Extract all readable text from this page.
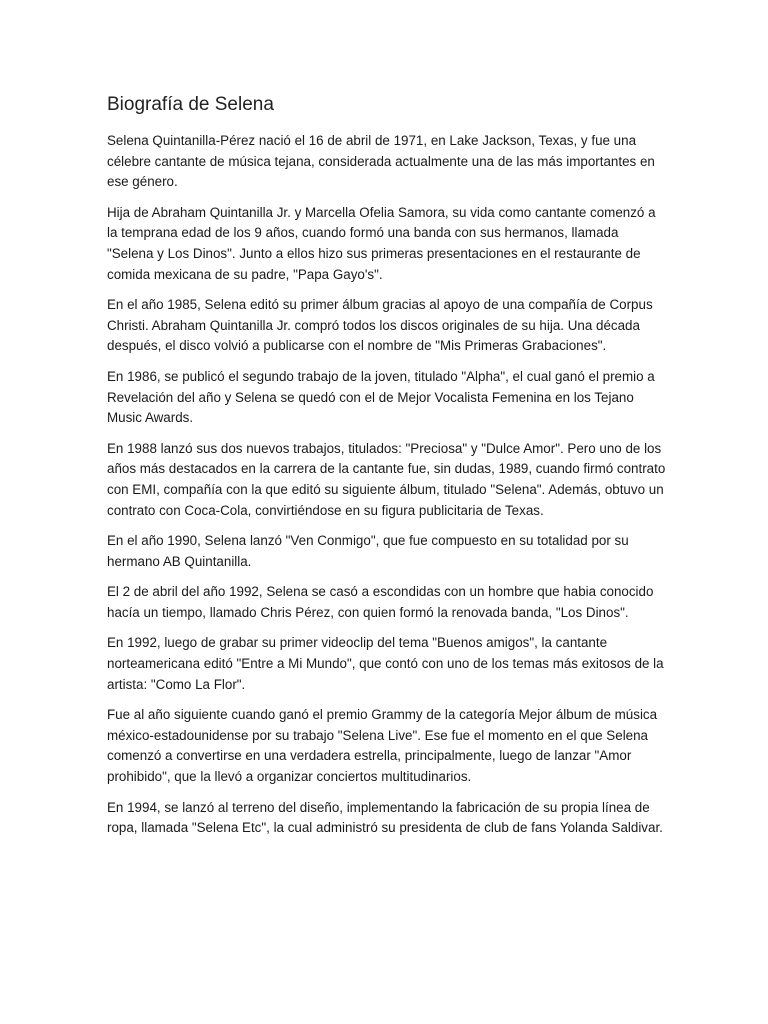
Biografía de Selena

Selena Quintanilla-Pérez nació el 16 de abril de 1971, en Lake Jackson, Texas, y fue una célebre cantante de música tejana, considerada actualmente una de las más importantes en ese género.

Hija de Abraham Quintanilla Jr. y Marcella Ofelia Samora, su vida como cantante comenzó a la temprana edad de los 9 años, cuando formó una banda con sus hermanos, llamada "Selena y Los Dinos". Junto a ellos hizo sus primeras presentaciones en el restaurante de comida mexicana de su padre, "Papa Gayo's".

En el año 1985, Selena editó su primer álbum gracias al apoyo de una compañía de Corpus Christi. Abraham Quintanilla Jr. compró todos los discos originales de su hija. Una década después, el disco volvió a publicarse con el nombre de "Mis Primeras Grabaciones".

En 1986, se publicó el segundo trabajo de la joven, titulado "Alpha", el cual ganó el premio a Revelación del año y Selena se quedó con el de Mejor Vocalista Femenina en los Tejano Music Awards.

En 1988 lanzó sus dos nuevos trabajos, titulados: "Preciosa" y "Dulce Amor". Pero uno de los años más destacados en la carrera de la cantante fue, sin dudas, 1989, cuando firmó contrato con EMI, compañía con la que editó su siguiente álbum, titulado "Selena". Además, obtuvo un contrato con Coca-Cola, convirtiéndose en su figura publicitaria de Texas.

En el año 1990, Selena lanzó "Ven Conmigo", que fue compuesto en su totalidad por su hermano AB Quintanilla.

El 2 de abril del año 1992, Selena se casó a escondidas con un hombre que habia conocido hacía un tiempo, llamado Chris Pérez, con quien formó la renovada banda, "Los Dinos".

En 1992, luego de grabar su primer videoclip del tema "Buenos amigos", la cantante norteamericana editó "Entre a Mi Mundo", que contó con uno de los temas más exitosos de la artista: "Como La Flor".

Fue al año siguiente cuando ganó el premio Grammy de la categoría Mejor álbum de música méxico-estadounidense por su trabajo "Selena Live". Ese fue el momento en el que Selena comenzó a convertirse en una verdadera estrella, principalmente, luego de lanzar "Amor prohibido", que la llevó a organizar conciertos multitudinarios.

En 1994, se lanzó al terreno del diseño, implementando la fabricación de su propia línea de ropa, llamada "Selena Etc", la cual administró su presidenta de club de fans Yolanda Saldivar.
